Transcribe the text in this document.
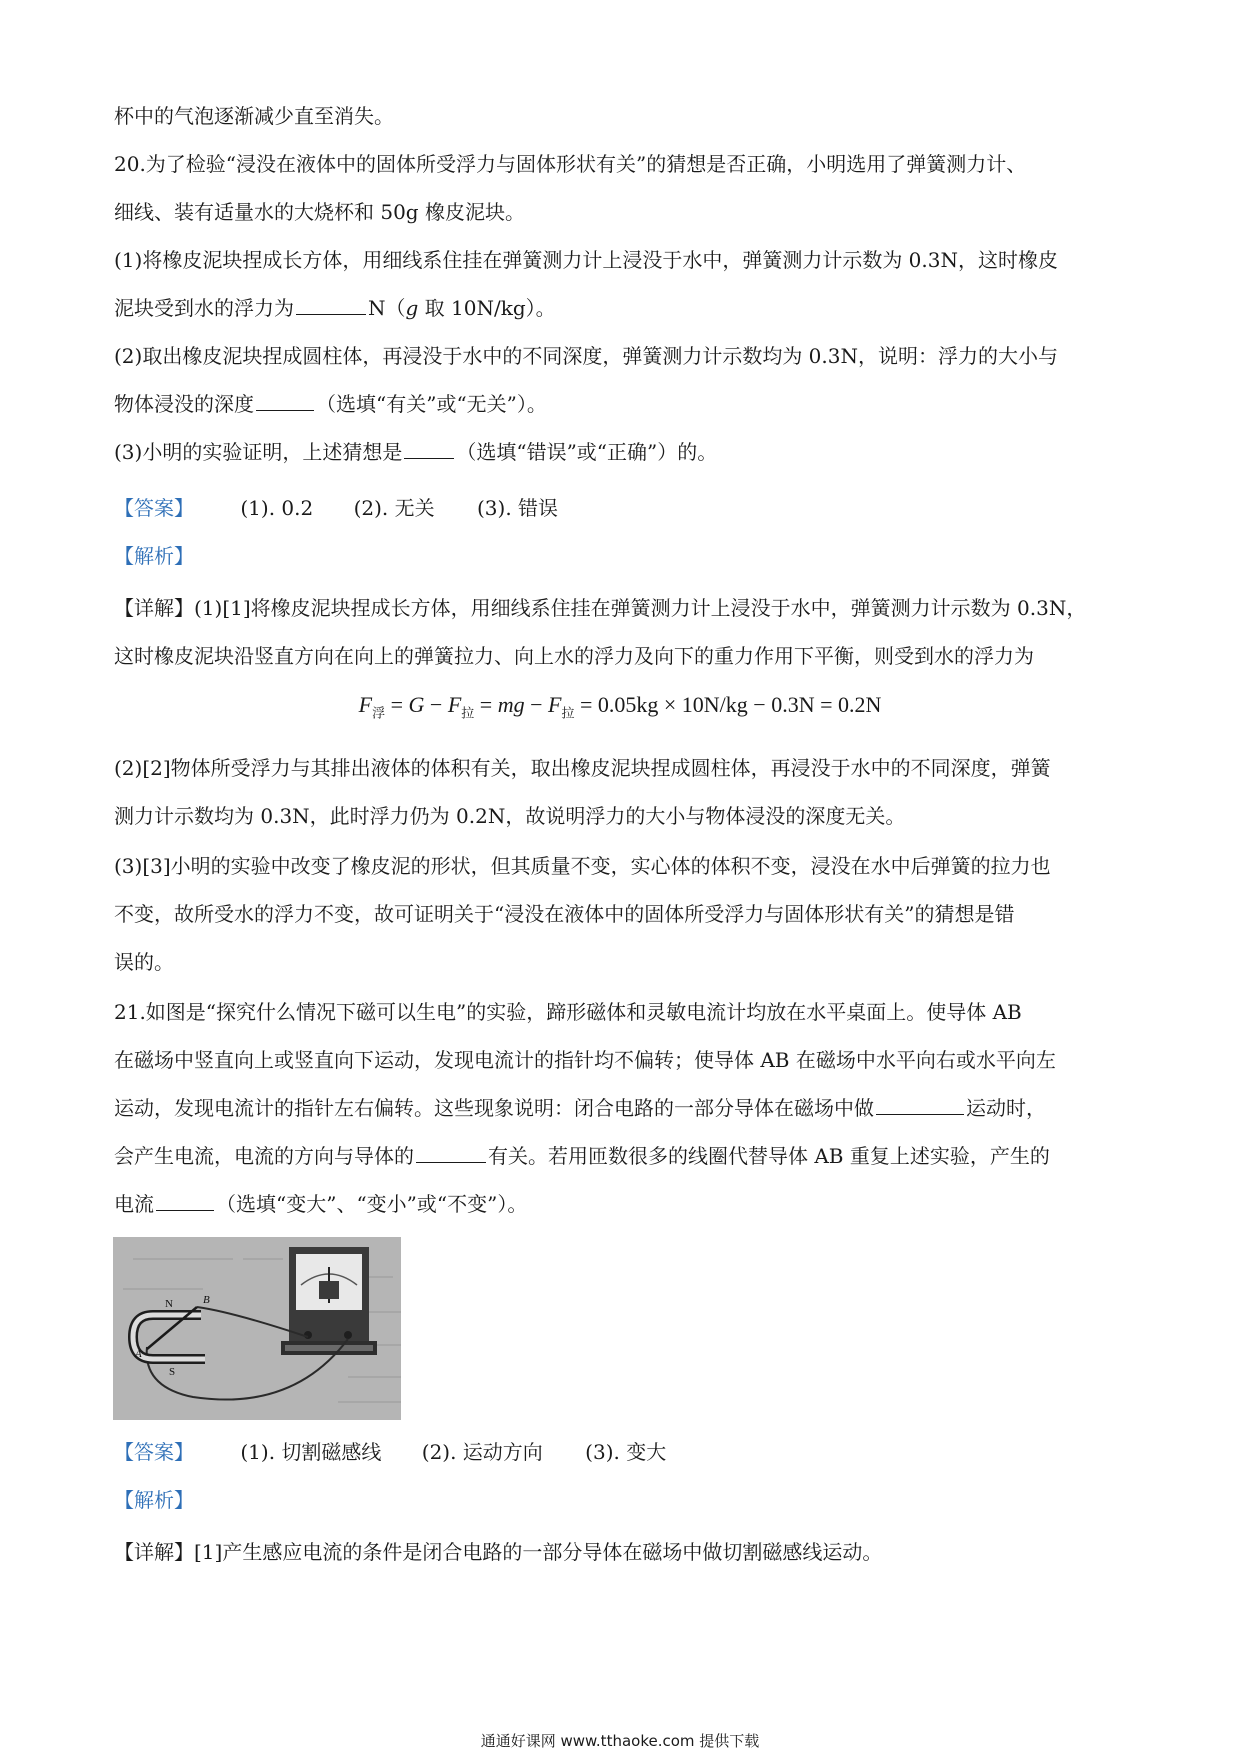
杯中的气泡逐渐减少直至消失。
20.为了检验“浸没在液体中的固体所受浮力与固体形状有关”的猜想是否正确，小明选用了弹簧测力计、
细线、装有适量水的大烧杯和 50g 橡皮泥块。
(1)将橡皮泥块捏成长方体，用细线系住挂在弹簧测力计上浸没于水中，弹簧测力计示数为 0.3N，这时橡皮
泥块受到水的浮力为	N（g 取 10N/kg）。
(2)取出橡皮泥块捏成圆柱体，再浸没于水中的不同深度，弹簧测力计示数均为 0.3N，说明：浮力的大小与
物体浸没的深度	（选填“有关”或“无关”）。
(3)小明的实验证明，上述猜想是	（选填“错误”或“正确”）的。
【答案】 (1). 0.2 (2). 无关 (3). 错误
【解析】
【详解】(1)[1]将橡皮泥块捏成长方体，用细线系住挂在弹簧测力计上浸没于水中，弹簧测力计示数为 0.3N，
这时橡皮泥块沿竖直方向在向上的弹簧拉力、向上水的浮力及向下的重力作用下平衡，则受到水的浮力为
$F_浮 = G - F_拉$ = mg − $F_拉 = 0.05kg \times 10N/kg - 0.3N = 0.2N$
(2)[2]物体所受浮力与其排出液体的体积有关，取出橡皮泥块捏成圆柱体，再浸没于水中的不同深度，弹簧
测力计示数均为 0.3N，此时浮力仍为 0.2N，故说明浮力的大小与物体浸没的深度无关。
(3)[3]小明的实验中改变了橡皮泥的形状，但其质量不变，实心体的体积不变，浸没在水中后弹簧的拉力也
不变，故所受水的浮力不变，故可证明关于“浸没在液体中的固体所受浮力与固体形状有关”的猜想是错
误的。
21.如图是“探究什么情况下磁可以生电”的实验，蹄形磁体和灵敏电流计均放在水平桌面上。使导体 AB
在磁场中竖直向上或竖直向下运动，发现电流计的指针均不偏转；使导体 AB 在磁场中水平向右或水平向左
运动，发现电流计的指针左右偏转。这些现象说明：闭合电路的一部分导体在磁场中做	运动时，
会产生电流，电流的方向与导体的	有关。若用匝数很多的线圈代替导体 AB 重复上述实验，产生的
电流	（选填“变大”、“变小”或“不变”）。
N	B
A
S
【答案】 (1). 切割磁感线 (2). 运动方向 (3). 变大
【解析】
【详解】[1]产生感应电流的条件是闭合电路的一部分导体在磁场中做切割磁感线运动。
通通好课网 www.tthaoke.com 提供下载
